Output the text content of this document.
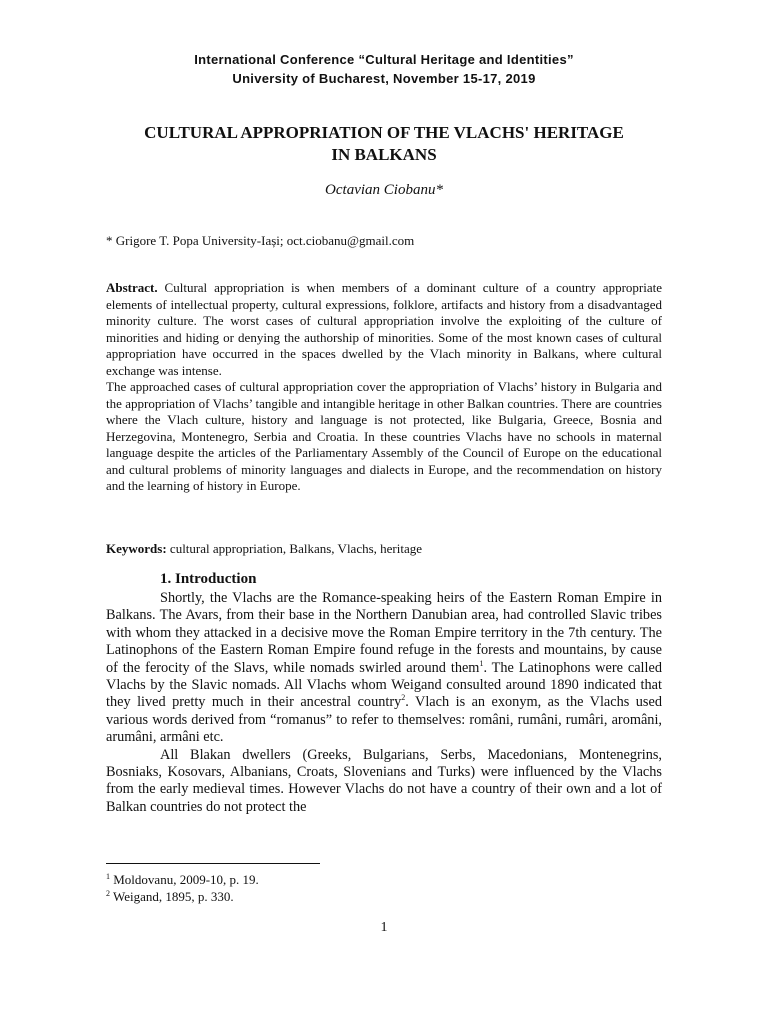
International Conference “Cultural Heritage and Identities”
University of Bucharest, November 15-17, 2019
CULTURAL APPROPRIATION OF THE VLACHS' HERITAGE
IN BALKANS
Octavian Ciobanu*
* Grigore T. Popa University-Iași; oct.ciobanu@gmail.com

Abstract. Cultural appropriation is when members of a dominant culture of a country appropriate elements of intellectual property, cultural expressions, folklore, artifacts and history from a disadvantaged minority culture. The worst cases of cultural appropriation involve the exploiting of the culture of minorities and hiding or denying the authorship of minorities. Some of the most known cases of cultural appropriation have occurred in the spaces dwelled by the Vlach minority in Balkans, where cultural exchange was intense.

The approached cases of cultural appropriation cover the appropriation of Vlachs’ history in Bulgaria and the appropriation of Vlachs’ tangible and intangible heritage in other Balkan countries. There are countries where the Vlach culture, history and language is not protected, like Bulgaria, Greece, Bosnia and Herzegovina, Montenegro, Serbia and Croatia. In these countries Vlachs have no schools in maternal language despite the articles of the Parliamentary Assembly of the Council of Europe on the educational and cultural problems of minority languages and dialects in Europe, and the recommendation on history and the learning of history in Europe.

Keywords: cultural appropriation, Balkans, Vlachs, heritage
1. Introduction

Shortly, the Vlachs are the Romance-speaking heirs of the Eastern Roman Empire in Balkans. The Avars, from their base in the Northern Danubian area, had controlled Slavic tribes with whom they attacked in a decisive move the Roman Empire territory in the 7th century. The Latinophons of the Eastern Roman Empire found refuge in the forests and mountains, by cause of the ferocity of the Slavs, while nomads swirled around them$^1$. The Latinophons were called Vlachs by the Slavic nomads. All Vlachs whom Weigand consulted around 1890 indicated that they lived pretty much in their ancestral country$^2$. Vlach is an exonym, as the Vlachs used various words derived from “romanus” to refer to themselves: români, rumâni, rumâri, aromâni, arumâni, armâni etc.

All Blakan dwellers (Greeks, Bulgarians, Serbs, Macedonians, Montenegrins, Bosniaks, Kosovars, Albanians, Croats, Slovenians and Turks) were influenced by the Vlachs from the early medieval times. However Vlachs do not have a country of their own and a lot of Balkan countries do not protect the

$^1$ Moldovanu, 2009-10, p. 19.
$^2$ Weigand, 1895, p. 330.
1
